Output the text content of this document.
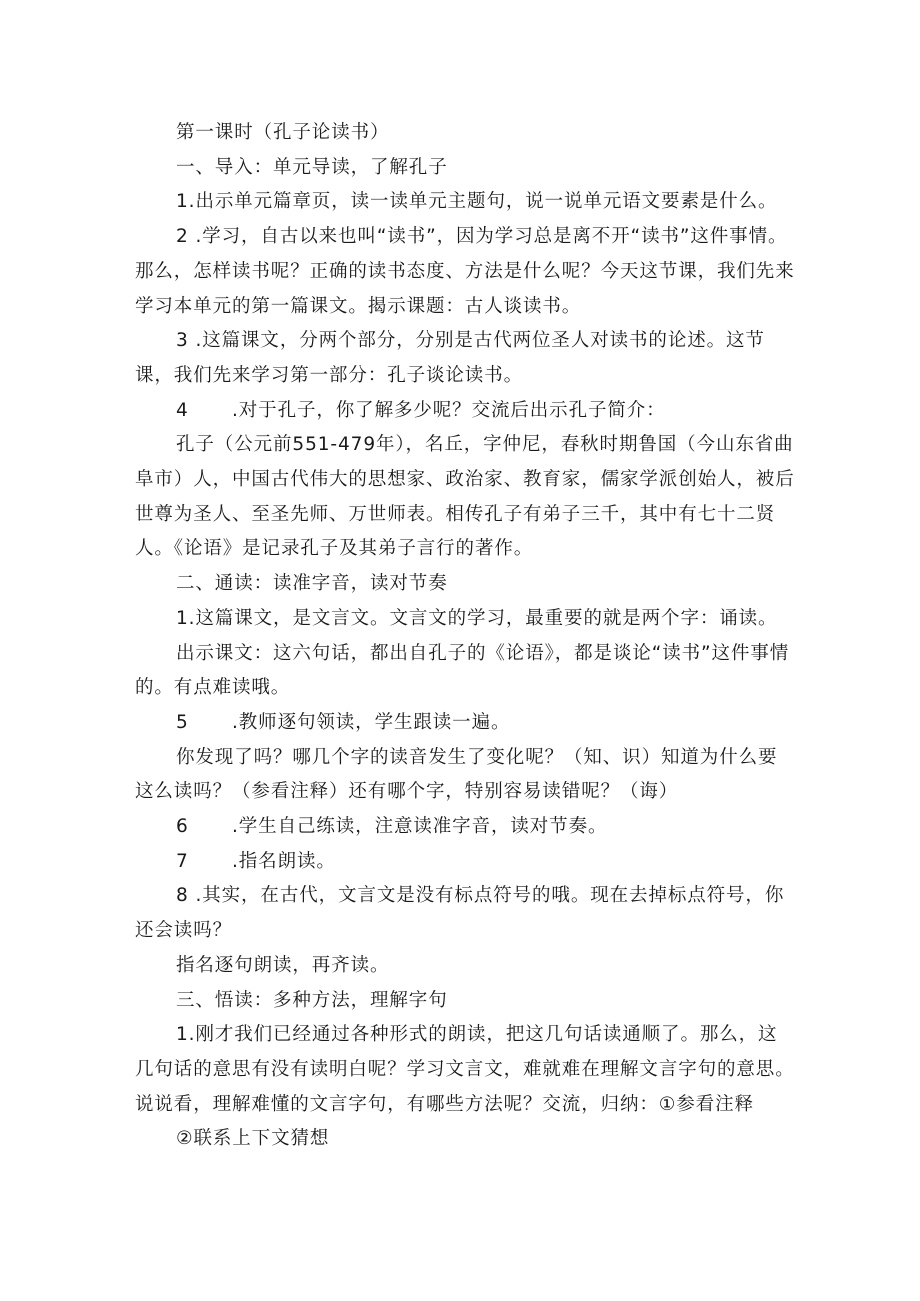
第一课时（孔子论读书）

一、导入：单元导读，了解孔子

1.出示单元篇章页，读一读单元主题句，说一说单元语文要素是什么。

2 .学习，自古以来也叫“读书”，因为学习总是离不开“读书”这件事情。那么，怎样读书呢？正确的读书态度、方法是什么呢？今天这节课，我们先来学习本单元的第一篇课文。揭示课题：古人谈读书。

3 .这篇课文，分两个部分，分别是古代两位圣人对读书的论述。这节课，我们先来学习第一部分：孔子谈论读书。

4 .对于孔子，你了解多少呢？交流后出示孔子简介：

孔子（公元前551-479年），名丘，字仲尼，春秋时期鲁国（今山东省曲阜市）人，中国古代伟大的思想家、政治家、教育家，儒家学派创始人，被后世尊为圣人、至圣先师、万世师表。相传孔子有弟子三千，其中有七十二贤人。《论语》是记录孔子及其弟子言行的著作。

二、通读：读准字音，读对节奏

1.这篇课文，是文言文。文言文的学习，最重要的就是两个字：诵读。

出示课文：这六句话，都出自孔子的《论语》，都是谈论“读书”这件事情的。有点难读哦。

5 .教师逐句领读，学生跟读一遍。

你发现了吗？哪几个字的读音发生了变化呢？（知、识）知道为什么要这么读吗？（参看注释）还有哪个字，特别容易读错呢？（诲）

6 .学生自己练读，注意读准字音，读对节奏。

7 .指名朗读。

8 .其实，在古代，文言文是没有标点符号的哦。现在去掉标点符号，你还会读吗？

指名逐句朗读，再齐读。

三、悟读：多种方法，理解字句

1.刚才我们已经通过各种形式的朗读，把这几句话读通顺了。那么，这几句话的意思有没有读明白呢？学习文言文，难就难在理解文言字句的意思。说说看，理解难懂的文言字句，有哪些方法呢？交流，归纳：①参看注释

②联系上下文猜想
